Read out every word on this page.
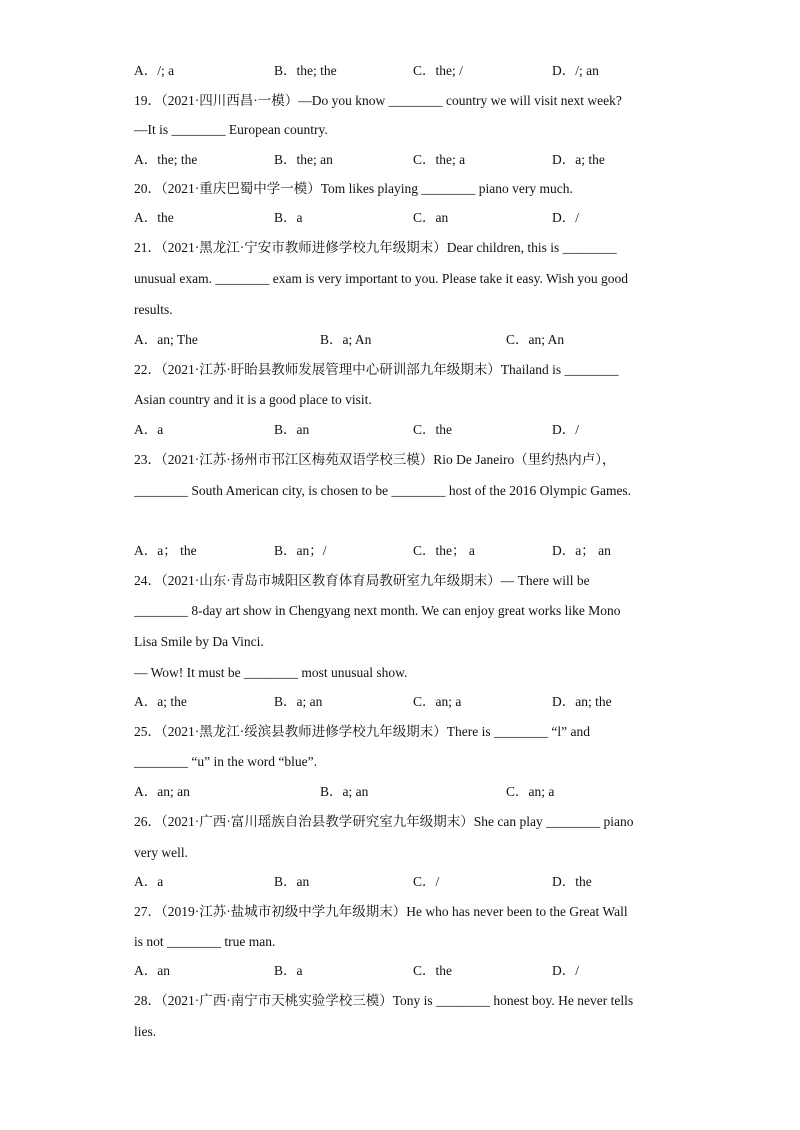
A．/; a	B．the; the	C．the; /	D．/; an
19．（2021·四川西昌·一模）—Do you know ________ country we will visit next week?
—It is ________ European country.
A．the; the	B．the; an	C．the; a	D．a; the
20．（2021·重庆巴蜀中学一模）Tom likes playing ________ piano very much.
A．the	B．a	C．an	D．/
21．（2021·黑龙江·宁安市教师进修学校九年级期末）Dear children, this is ________
unusual exam. ________ exam is very important to you. Please take it easy. Wish you good
results.
A．an; The	B．a; An	C．an; An
22．（2021·江苏·盱眙县教师发展管理中心研训部九年级期末）Thailand is ________
Asian country and it is a good place to visit.
A．a	B．an	C．the	D．/
23．（2021·江苏·扬州市邗江区梅苑双语学校三模）Rio De Janeiro（里约热内卢），
________ South American city, is chosen to be ________ host of the 2016 Olympic Games.
A．a； the	B．an；/	C．the； a	D．a； an
24．（2021·山东·青岛市城阳区教育体育局教研室九年级期末）— There will be
________ 8-day art show in Chengyang next month. We can enjoy great works like Mono
Lisa Smile by Da Vinci.
— Wow! It must be ________ most unusual show.
A．a; the	B．a; an	C．an; a	D．an; the
25．（2021·黑龙江·绥滨县教师进修学校九年级期末）There is ________ “l” and
________ “u” in the word “blue”.
A．an; an	B．a; an	C．an; a
26．（2021·广西·富川瑶族自治县教学研究室九年级期末）She can play ________ piano
very well.
A．a	B．an	C．/	D．the
27．（2019·江苏·盐城市初级中学九年级期末）He who has never been to the Great Wall
is not ________ true man.
A．an	B．a	C．the	D．/
28．（2021·广西·南宁市天桃实验学校三模）Tony is ________ honest boy. He never tells
lies.
